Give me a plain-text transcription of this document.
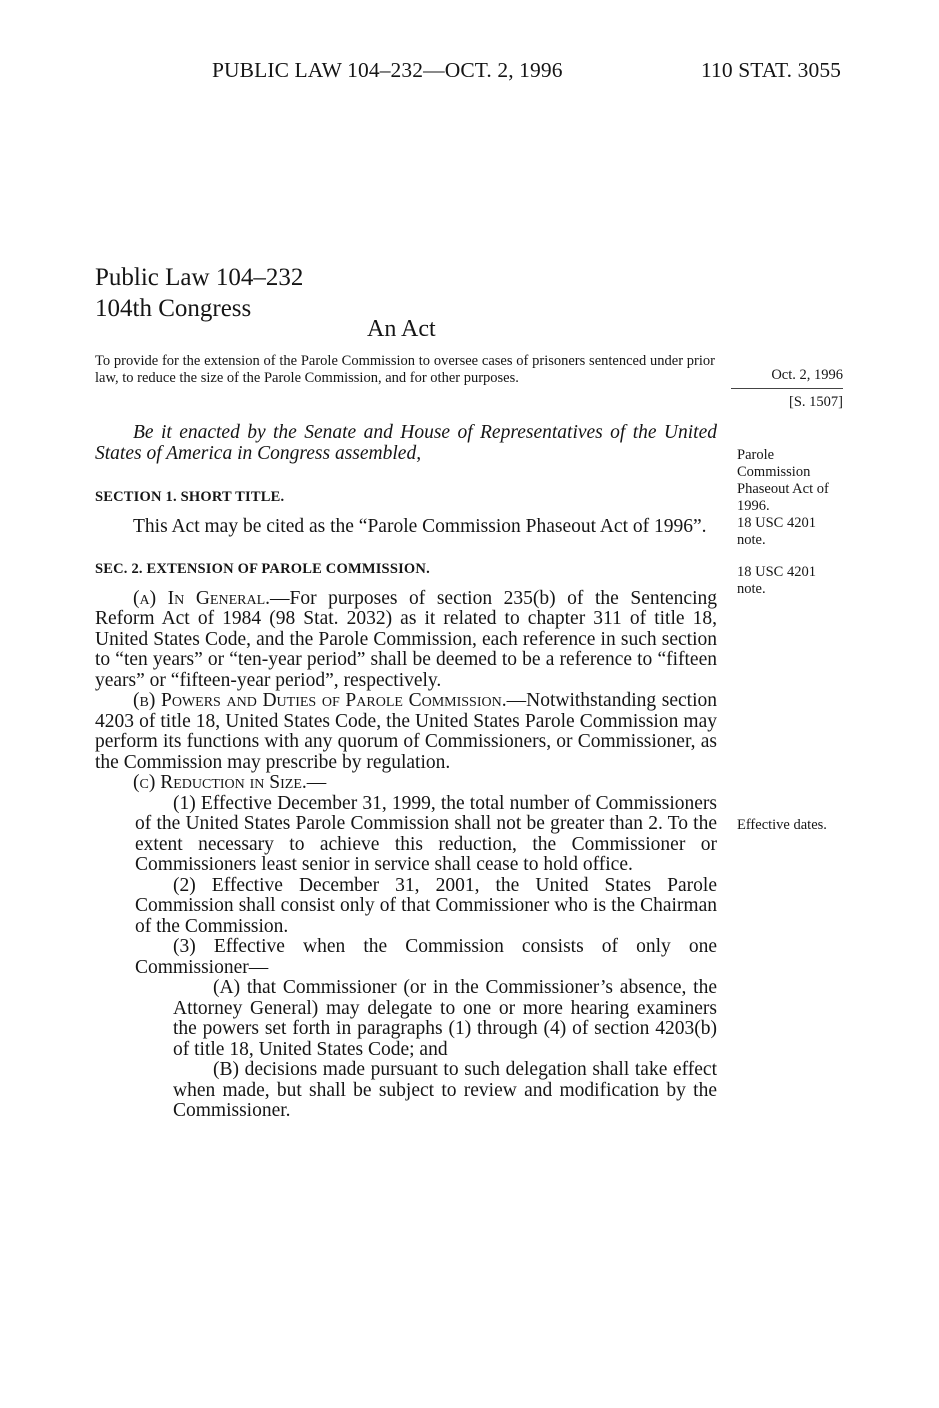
PUBLIC LAW 104–232—OCT. 2, 1996	110 STAT. 3055
Public Law 104–232
104th Congress
An Act
To provide for the extension of the Parole Commission to oversee cases of prisoners sentenced under prior law, to reduce the size of the Parole Commission, and for other purposes.	Oct. 2, 1996
[S. 1507]
Parole
Commission
Phaseout Act of
1996.
18 USC 4201
note.
18 USC 4201
note.
Effective dates.

Be it enacted by the Senate and House of Representatives of the United States of America in Congress assembled,

SECTION 1. SHORT TITLE.

This Act may be cited as the “Parole Commission Phaseout Act of 1996”.

SEC. 2. EXTENSION OF PAROLE COMMISSION.

(a) In General.—For purposes of section 235(b) of the Sentencing Reform Act of 1984 (98 Stat. 2032) as it related to chapter 311 of title 18, United States Code, and the Parole Commission, each reference in such section to “ten years” or “ten-year period” shall be deemed to be a reference to “fifteen years” or “fifteen-year period”, respectively.

(b) Powers and Duties of Parole Commission.—Notwithstanding section 4203 of title 18, United States Code, the United States Parole Commission may perform its functions with any quorum of Commissioners, or Commissioner, as the Commission may prescribe by regulation.

(c) Reduction in Size.—

(1) Effective December 31, 1999, the total number of Commissioners of the United States Parole Commission shall not be greater than 2. To the extent necessary to achieve this reduction, the Commissioner or Commissioners least senior in service shall cease to hold office.

(2) Effective December 31, 2001, the United States Parole Commission shall consist only of that Commissioner who is the Chairman of the Commission.

(3) Effective when the Commission consists of only one Commissioner—

(A) that Commissioner (or in the Commissioner’s absence, the Attorney General) may delegate to one or more hearing examiners the powers set forth in paragraphs (1) through (4) of section 4203(b) of title 18, United States Code; and

(B) decisions made pursuant to such delegation shall take effect when made, but shall be subject to review and modification by the Commissioner.
